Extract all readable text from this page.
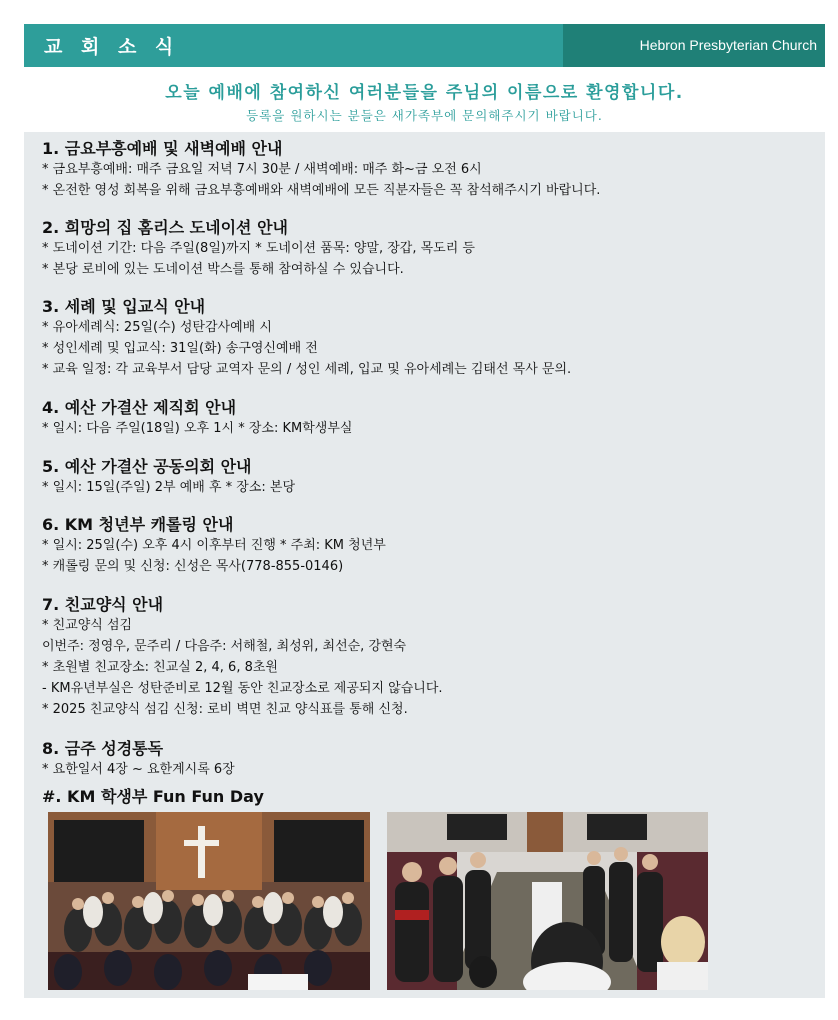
교 회 소 식	Hebron Presbyterian Church
오늘 예배에 참여하신 여러분들을 주님의 이름으로 환영합니다.
등록을 원하시는 분들은 새가족부에 문의해주시기 바랍니다.
1. 금요부흥예배 및 새벽예배 안내
* 금요부흥예배: 매주 금요일 저녁 7시 30분 / 새벽예배: 매주 화~금 오전 6시
* 온전한 영성 회복을 위해 금요부흥예배와 새벽예배에 모든 직분자들은 꼭 참석해주시기 바랍니다.
2. 희망의 집 홈리스 도네이션 안내
* 도네이션 기간: 다음 주일(8일)까지 * 도네이션 품목: 양말, 장갑, 목도리 등
* 본당 로비에 있는 도네이션 박스를 통해 참여하실 수 있습니다.
3. 세례 및 입교식 안내
* 유아세례식: 25일(수) 성탄감사예배 시
* 성인세례 및 입교식: 31일(화) 송구영신예배 전
* 교육 일정: 각 교육부서 담당 교역자 문의 / 성인 세례, 입교 및 유아세례는 김태선 목사 문의.
4. 예산 가결산 제직회 안내
* 일시: 다음 주일(18일) 오후 1시 * 장소: KM학생부실
5. 예산 가결산 공동의회 안내
* 일시: 15일(주일) 2부 예배 후 * 장소: 본당
6. KM 청년부 캐롤링 안내
* 일시: 25일(수) 오후 4시 이후부터 진행 * 주최: KM 청년부
* 캐롤링 문의 및 신청: 신성은 목사(778-855-0146)
7. 친교양식 안내
* 친교양식 섬김
이번주: 정영우, 문주리 / 다음주: 서해철, 최성위, 최선순, 강현숙
* 초원별 친교장소: 친교실 2, 4, 6, 8초원
- KM유년부실은 성탄준비로 12월 동안 친교장소로 제공되지 않습니다.
* 2025 친교양식 섬김 신청: 로비 벽면 친교 양식표를 통해 신청.
8. 금주 성경통독
* 요한일서 4장 ~ 요한계시록 6장
#. KM 학생부 Fun Fun Day
